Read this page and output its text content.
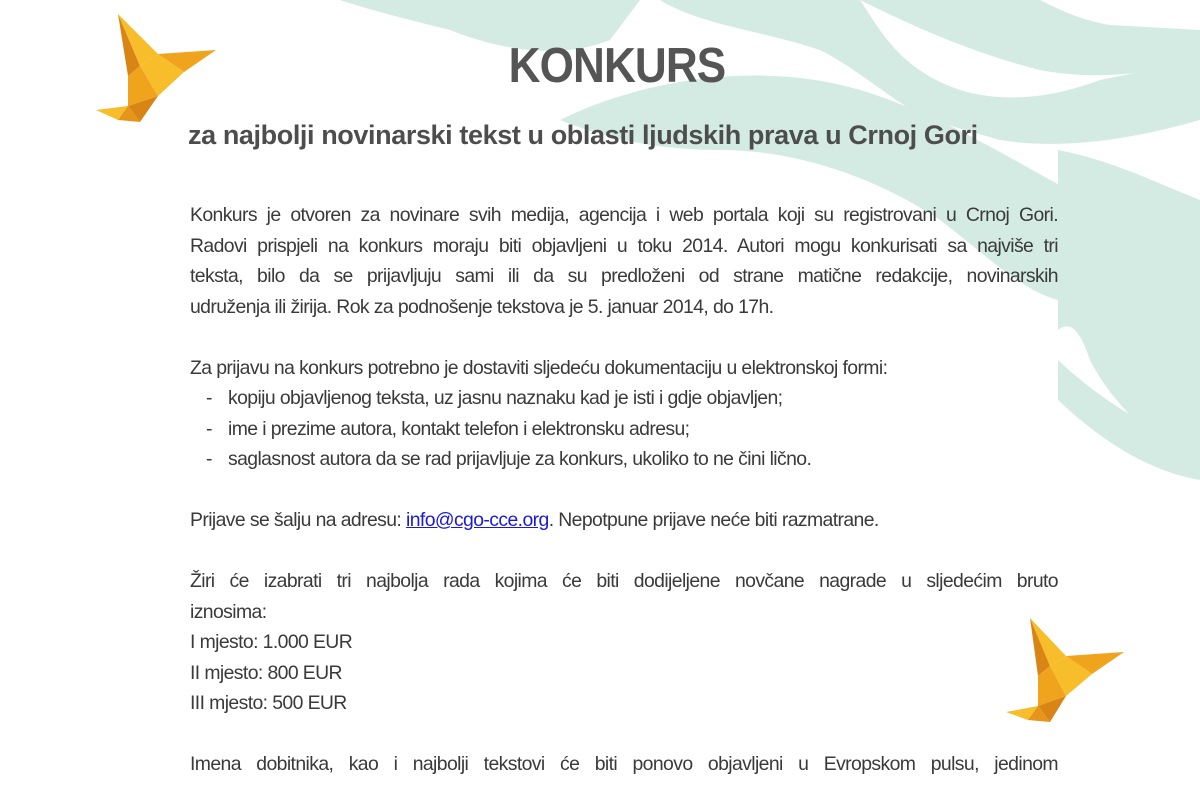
KONKURS
za najbolji novinarski tekst u oblasti ljudskih prava u Crnoj Gori

Konkurs je otvoren za novinare svih medija, agencija i web portala koji su registrovani u Crnoj Gori.
Radovi prispjeli na konkurs moraju biti objavljeni u toku 2014. Autori mogu konkurisati sa najviše tri
teksta, bilo da se prijavljuju sami ili da su predloženi od strane matične redakcije, novinarskih
udruženja ili žirija. Rok za podnošenje tekstova je 5. januar 2014, do 17h.

Za prijavu na konkurs potrebno je dostaviti sljedeću dokumentaciju u elektronskoj formi:
- kopiju objavljenog teksta, uz jasnu naznaku kad je isti i gdje objavljen;
- ime i prezime autora, kontakt telefon i elektronsku adresu;
- saglasnost autora da se rad prijavljuje za konkurs, ukoliko to ne čini lično.

Prijave se šalju na adresu: info@cgo-cce.org. Nepotpune prijave neće biti razmatrane.

Žiri će izabrati tri najbolja rada kojima će biti dodijeljene novčane nagrade u sljedećim bruto
iznosima:
I mjesto: 1.000 EUR
II mjesto: 800 EUR
III mjesto: 500 EUR

Imena dobitnika, kao i najbolji tekstovi će biti ponovo objavljeni u Evropskom pulsu, jedinom
